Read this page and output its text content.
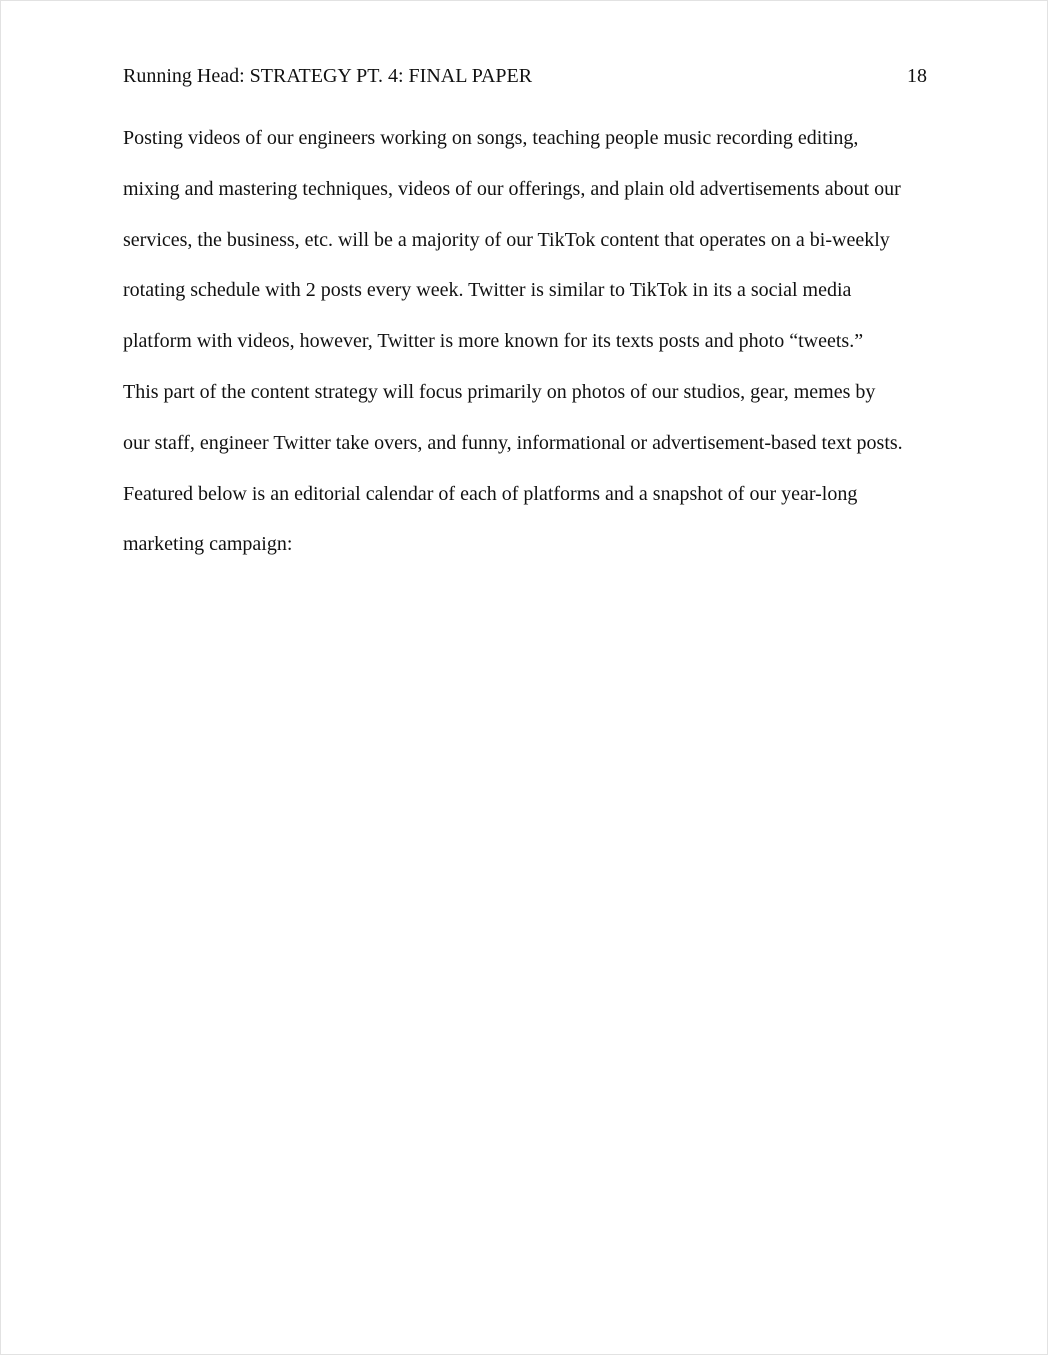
Running Head: STRATEGY PT. 4: FINAL PAPER	18
Posting videos of our engineers working on songs, teaching people music recording editing,
mixing and mastering techniques, videos of our offerings, and plain old advertisements about our
services, the business, etc. will be a majority of our TikTok content that operates on a bi-weekly
rotating schedule with 2 posts every week. Twitter is similar to TikTok in its a social media
platform with videos, however, Twitter is more known for its texts posts and photo “tweets.”
This part of the content strategy will focus primarily on photos of our studios, gear, memes by
our staff, engineer Twitter take overs, and funny, informational or advertisement-based text posts.
Featured below is an editorial calendar of each of platforms and a snapshot of our year-long
marketing campaign:
